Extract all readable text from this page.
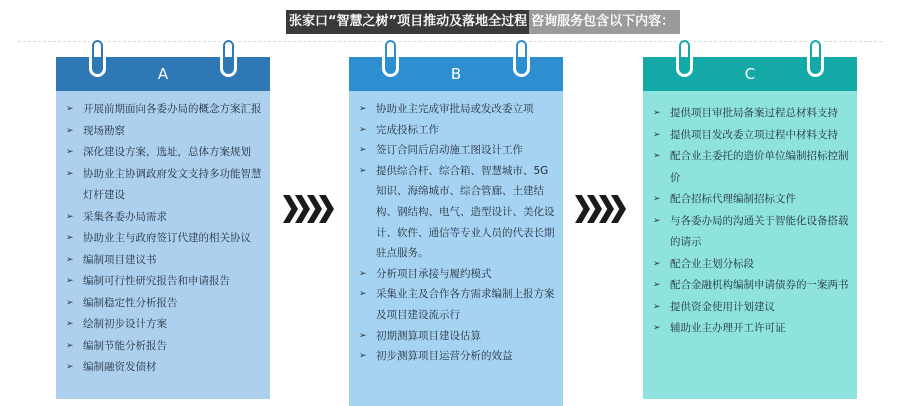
张家口“智慧之树”项目推动及落地全过程 咨询服务包含以下内容：
A
➢ 开展前期面向各委办局的概念方案汇报
➢ 现场勘察
➢ 深化建设方案，选址，总体方案规划
➢ 协助业主协调政府发文支持多功能智慧灯杆建设
➢ 采集各委办局需求
➢ 协助业主与政府签订代建的相关协议
➢ 编制项目建议书
➢ 编制可行性研究报告和申请报告
➢ 编制稳定性分析报告
➢ 绘制初步设计方案
➢ 编制节能分析报告
➢ 编制融资发债材
B
➢ 协助业主完成审批局或发改委立项
➢ 完成投标工作
➢ 签订合同后启动施工图设计工作
➢ 提供综合杆、综合箱、智慧城市、5G知识、海绵城市、综合管廊、土建结构、钢结构、电气、造型设计、美化设计、软件、通信等专业人员的代表长期驻点服务。
➢ 分析项目承接与履约模式
➢ 采集业主及合作各方需求编制上报方案及项目建设流示行
➢ 初期测算项目建设估算
➢ 初步测算项目运营分析的效益
C
➢ 提供项目审批局备案过程总材料支持
➢ 提供项目发改委立项过程中材料支持
➢ 配合业主委托的造价单位编制招标控制价
➢ 配合招标代理编制招标文件
➢ 与各委办局的沟通关于智能化设备搭载的请示
➢ 配合业主划分标段
➢ 配合金融机构编制申请债券的一案两书
➢ 提供资金使用计划建议
➢ 辅助业主办理开工许可证
